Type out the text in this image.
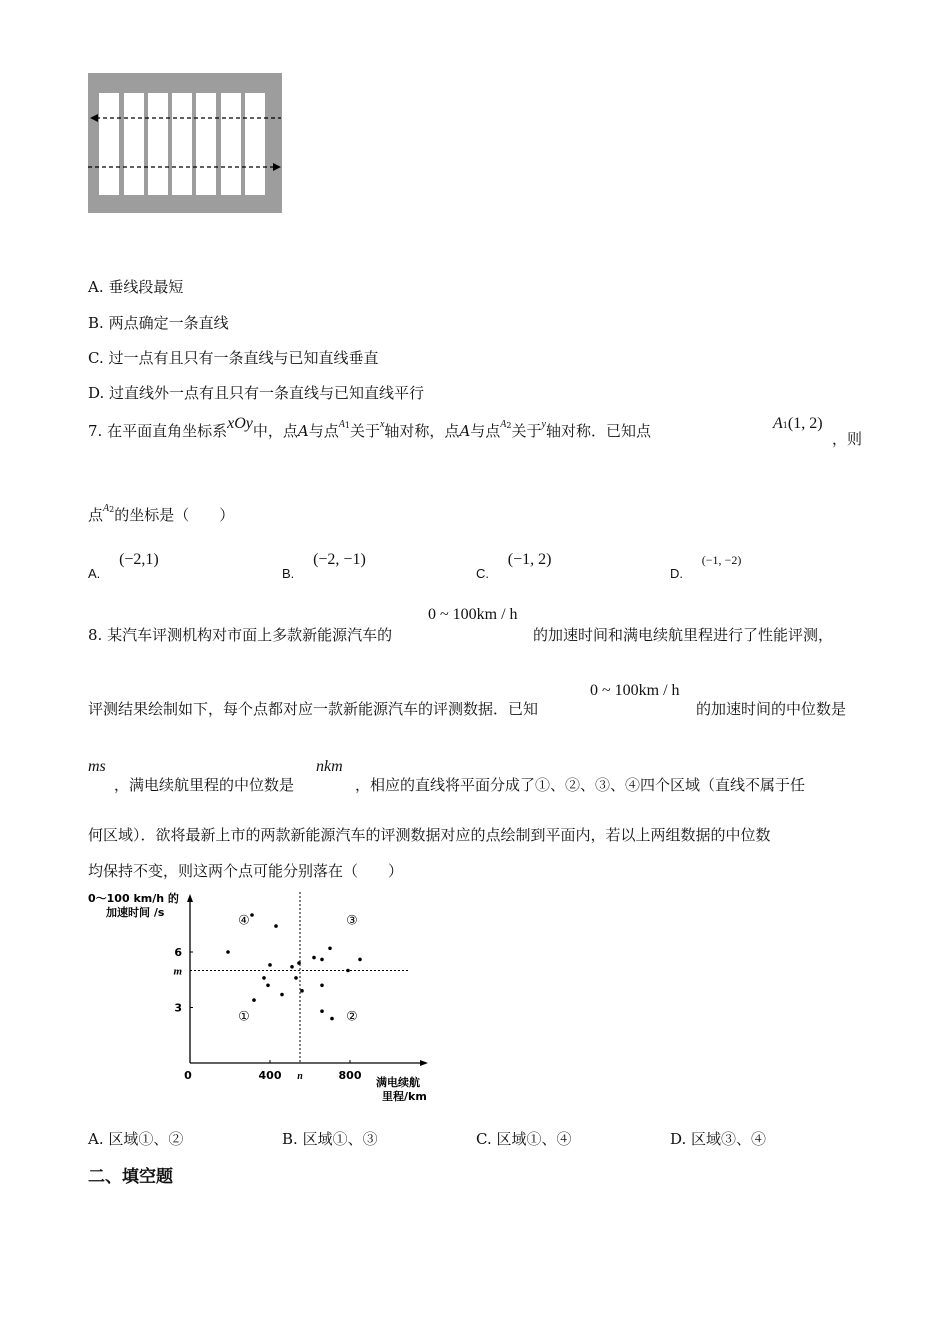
A. 垂线段最短
B. 两点确定一条直线
C. 过一点有且只有一条直线与已知直线垂直
D. 过直线外一点有且只有一条直线与已知直线平行
7. 在平面直角坐标系xOy中，点A与点$^{A1}$关于$^x$轴对称，点A与点$^{A2}$关于$^y$轴对称．已知点	A1(1, 2)
，则
点$^{A2}$的坐标是（　　）
A. (−2,1)
B. (−2, −1)
C. (−1, 2)
D. (−1, −2)
8. 某汽车评测机构对市面上多款新能源汽车的
0 ~ 100km / h
的加速时间和满电续航里程进行了性能评测，
评测结果绘制如下，每个点都对应一款新能源汽车的评测数据．已知
0 ~ 100km / h
的加速时间的中位数是
ms
，满电续航里程的中位数是
nkm
，相应的直线将平面分成了①、②、③、④四个区域（直线不属于任
何区域）．欲将最新上市的两款新能源汽车的评测数据对应的点绘制到平面内，若以上两组数据的中位数
均保持不变，则这两个点可能分别落在（　　）
0～100 km/h 的
加速时间 /s
满电续航
里程/km
0	400	800
n
6
3
m
①	②
③
④
A. 区域①、②	B. 区域①、③	C. 区域①、④	D. 区域③、④
二、填空题
